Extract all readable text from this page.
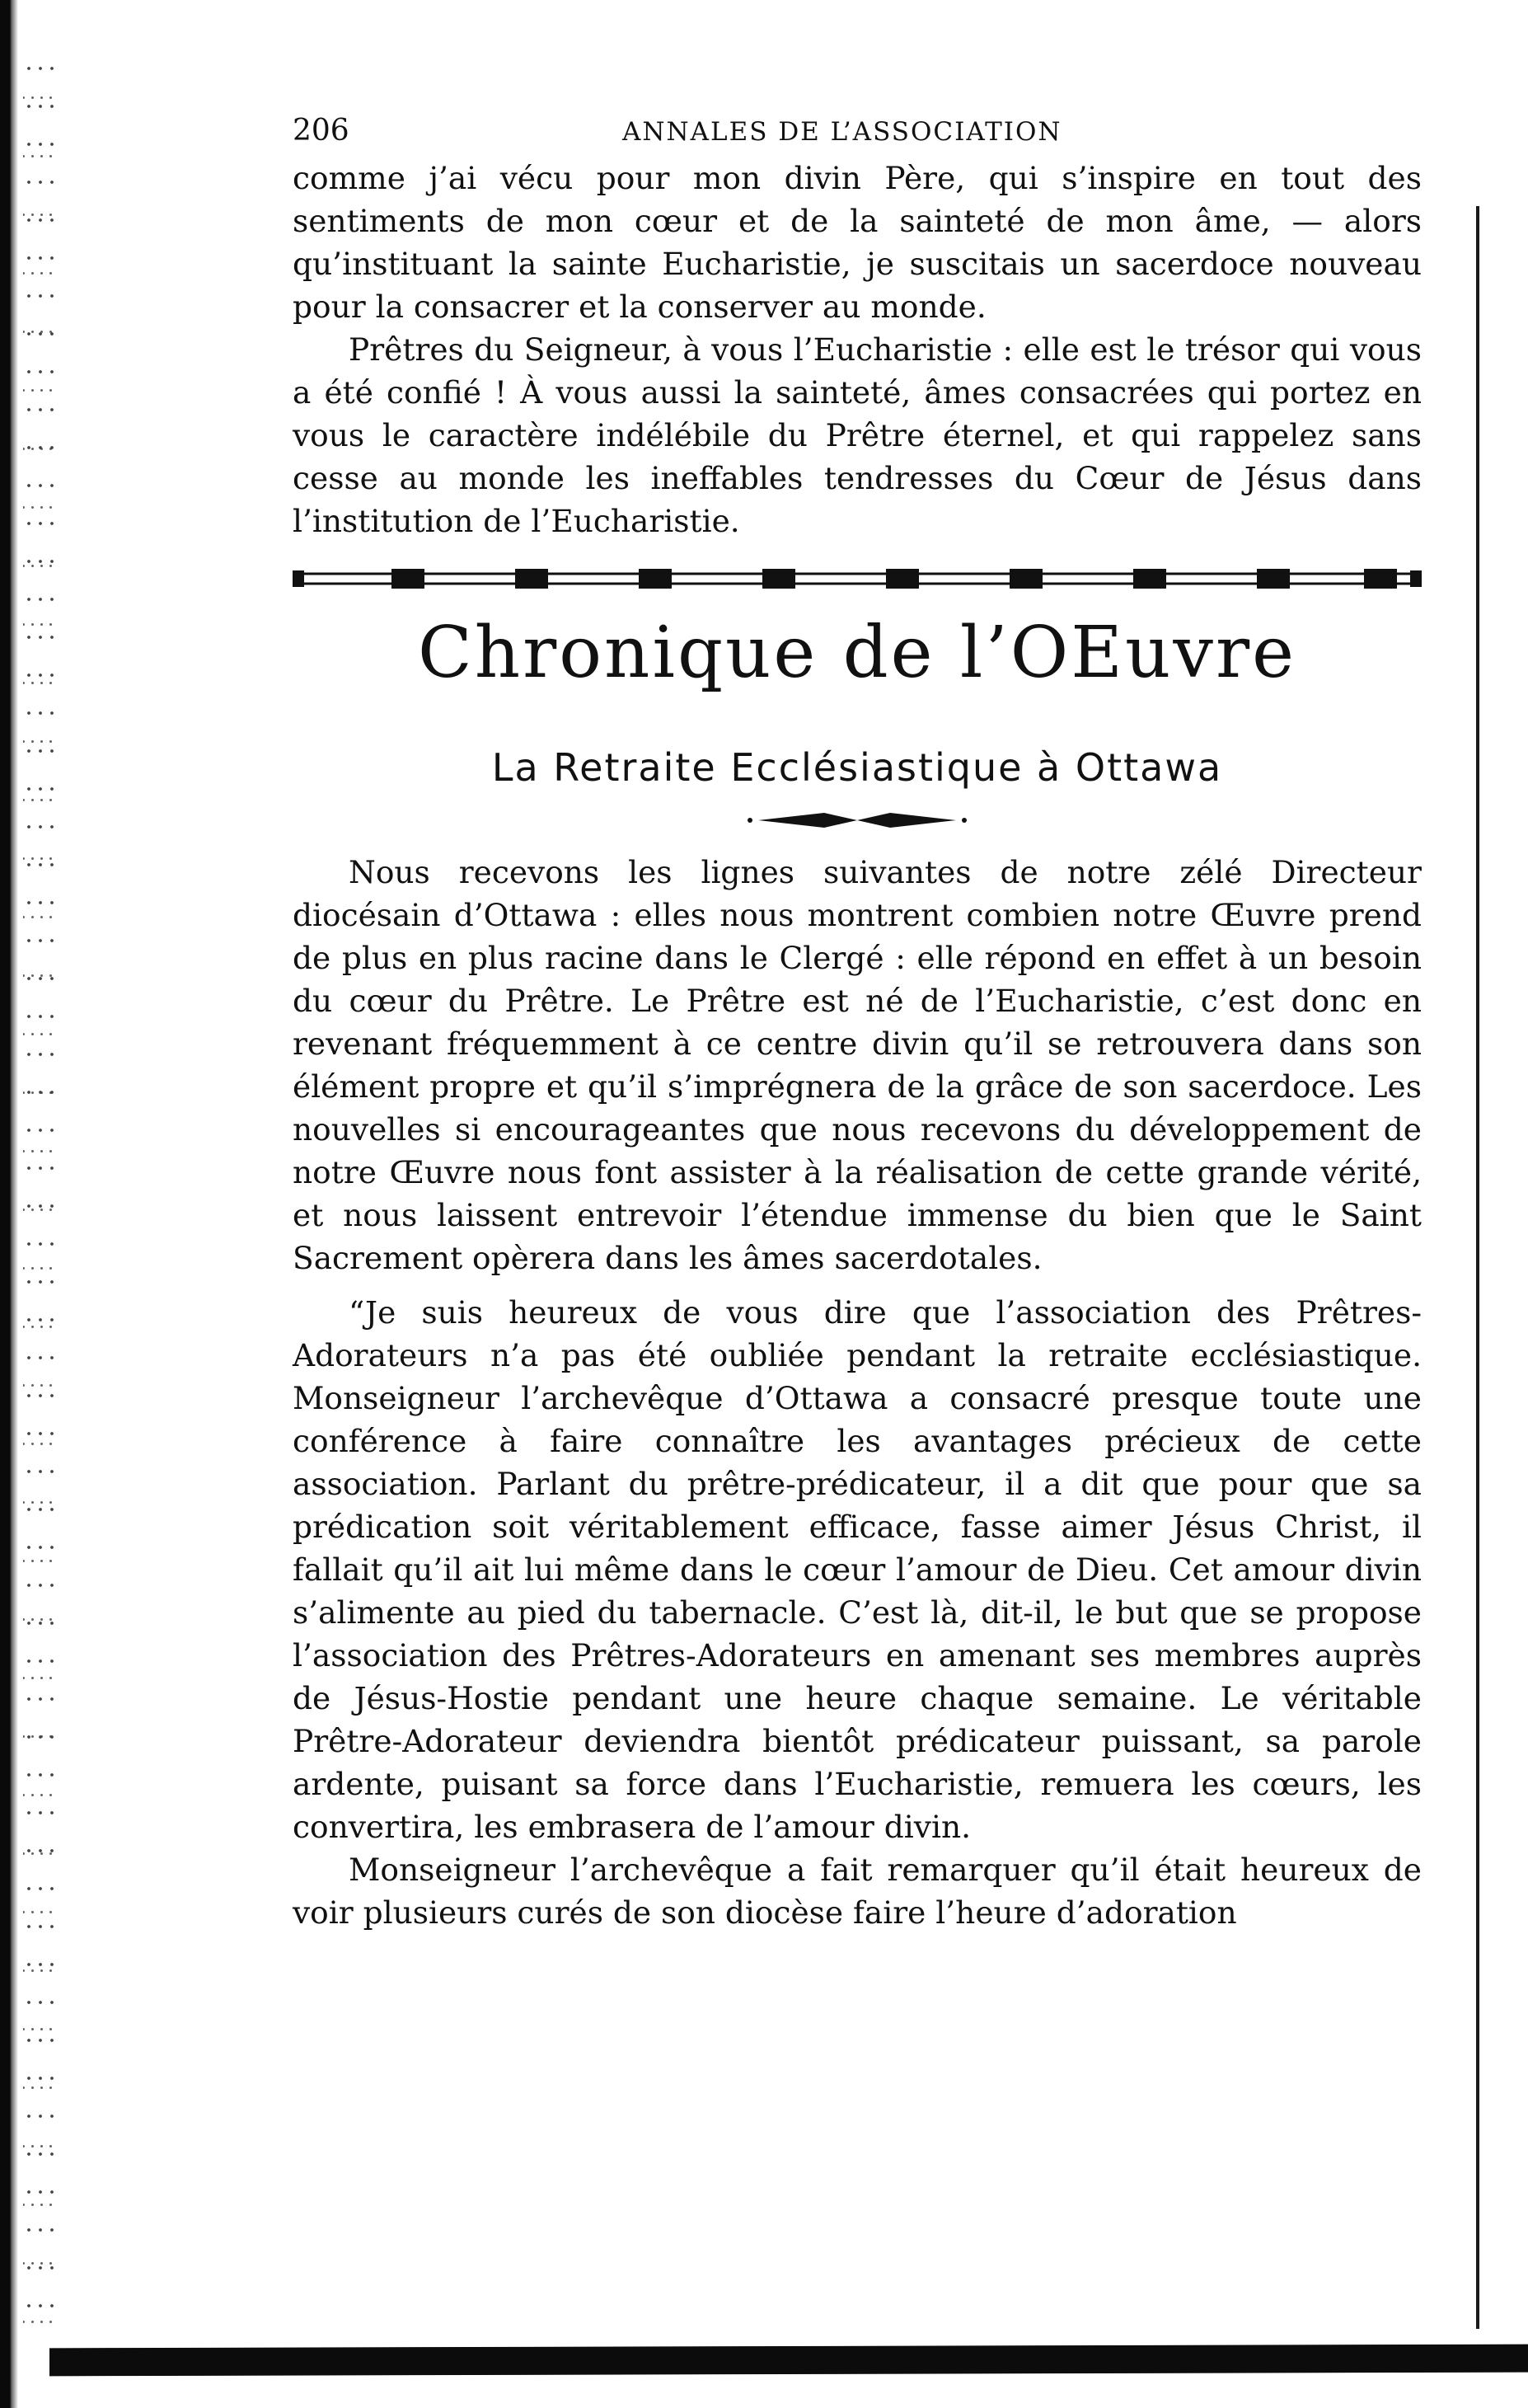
206	ANNALES DE L’ASSOCIATION

comme j’ai vécu pour mon divin Père, qui s’inspire en tout des sentiments de mon cœur et de la sainteté de mon âme, — alors qu’instituant la sainte Eucharistie, je suscitais un sacerdoce nouveau pour la consacrer et la conserver au monde.

Prêtres du Seigneur, à vous l’Eucharistie : elle est le trésor qui vous a été confié ! À vous aussi la sainteté, âmes consacrées qui portez en vous le caractère indélébile du Prêtre éternel, et qui rappelez sans cesse au monde les ineffables tendresses du Cœur de Jésus dans l’institution de l’Eucharistie.

Chronique de l’OEuvre
La Retraite Ecclésiastique à Ottawa

Nous recevons les lignes suivantes de notre zélé Directeur diocésain d’Ottawa : elles nous montrent combien notre Œuvre prend de plus en plus racine dans le Clergé : elle répond en effet à un besoin du cœur du Prêtre. Le Prêtre est né de l’Eucharistie, c’est donc en revenant fréquemment à ce centre divin qu’il se retrouvera dans son élément propre et qu’il s’imprégnera de la grâce de son sacerdoce. Les nouvelles si encourageantes que nous recevons du développement de notre Œuvre nous font assister à la réalisation de cette grande vérité, et nous laissent entrevoir l’étendue immense du bien que le Saint Sacrement opèrera dans les âmes sacerdotales.

“Je suis heureux de vous dire que l’association des Prêtres-Adorateurs n’a pas été oubliée pendant la retraite ecclésiastique. Monseigneur l’archevêque d’Ottawa a consacré presque toute une conférence à faire connaître les avantages précieux de cette association. Parlant du prêtre-prédicateur, il a dit que pour que sa prédication soit véritablement efficace, fasse aimer Jésus Christ, il fallait qu’il ait lui même dans le cœur l’amour de Dieu. Cet amour divin s’alimente au pied du tabernacle. C’est là, dit-il, le but que se propose l’association des Prêtres-Adorateurs en amenant ses membres auprès de Jésus-Hostie pendant une heure chaque semaine. Le véritable Prêtre-Adorateur deviendra bientôt prédicateur puissant, sa parole ardente, puisant sa force dans l’Eucharistie, remuera les cœurs, les convertira, les embrasera de l’amour divin.

Monseigneur l’archevêque a fait remarquer qu’il était heureux de voir plusieurs curés de son diocèse faire l’heure d’adoration
